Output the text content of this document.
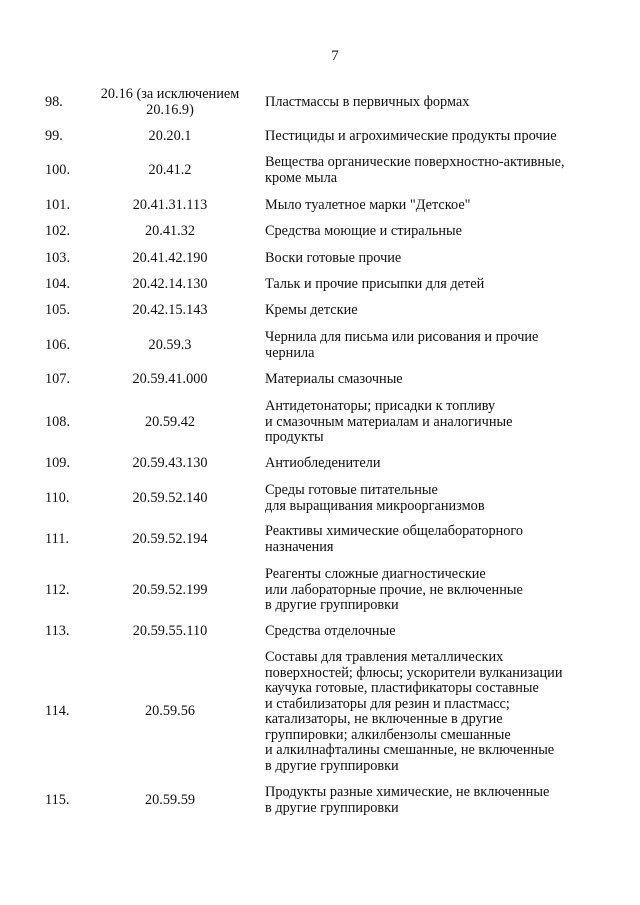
7
98.	20.16 (за исключением
20.16.9)	Пластмассы в первичных формах
99.	20.20.1	Пестициды и агрохимические продукты прочие
100.	20.41.2	Вещества органические поверхностно-активные,
кроме мыла
101.	20.41.31.113	Мыло туалетное марки "Детское"
102.	20.41.32	Средства моющие и стиральные
103.	20.41.42.190	Воски готовые прочие
104.	20.42.14.130	Тальк и прочие присыпки для детей
105.	20.42.15.143	Кремы детские
106.	20.59.3	Чернила для письма или рисования и прочие
чернила
107.	20.59.41.000	Материалы смазочные
108.	20.59.42
Антидетонаторы; присадки к топливу
и смазочным материалам и аналогичные
продукты
109.	20.59.43.130	Антиобледенители
110.	20.59.52.140	Среды готовые питательные
для выращивания микроорганизмов
111.	20.59.52.194	Реактивы химические общелабораторного
назначения
112.	20.59.52.199
Реагенты сложные диагностические
или лабораторные прочие, не включенные
в другие группировки
113.	20.59.55.110	Средства отделочные
114.	20.59.56
Составы для травления металлических
поверхностей; флюсы; ускорители вулканизации
каучука готовые, пластификаторы составные
и стабилизаторы для резин и пластмасс;
катализаторы, не включенные в другие
группировки; алкилбензолы смешанные
и алкилнафталины смешанные, не включенные
в другие группировки
115.	20.59.59	Продукты разные химические, не включенные
в другие группировки
